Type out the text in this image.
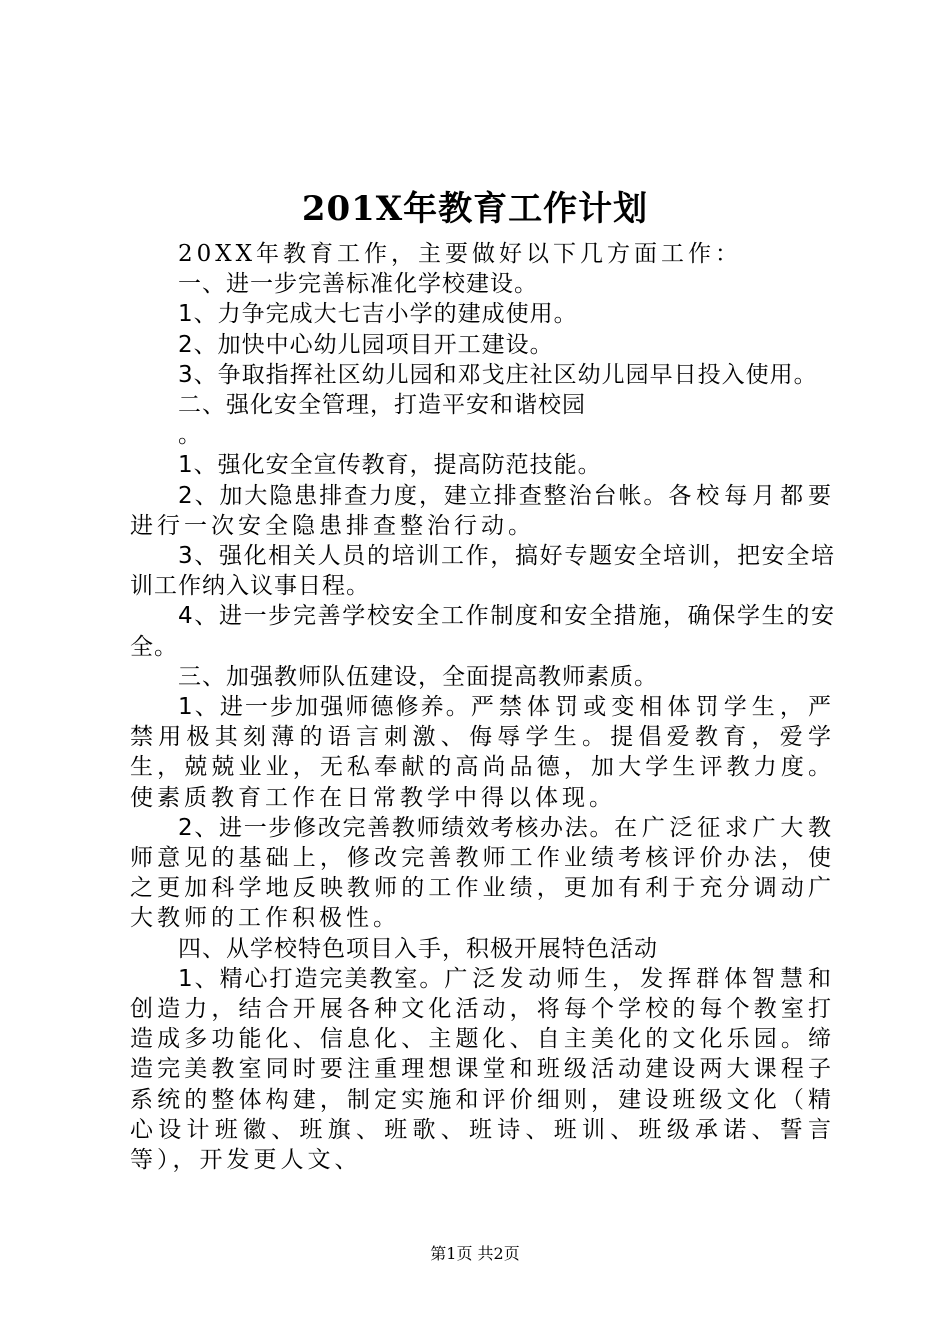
201X年教育工作计划

20XX年教育工作，主要做好以下几方面工作：

一、进一步完善标准化学校建设。

1、力争完成大七吉小学的建成使用。

2、加快中心幼儿园项目开工建设。

3、争取指挥社区幼儿园和邓戈庄社区幼儿园早日投入使用。

二、强化安全管理，打造平安和谐校园

。

1、强化安全宣传教育，提高防范技能。

2、加大隐患排查力度，建立排查整治台帐。各校每月都要进行一次安全隐患排查整治行动。

3、强化相关人员的培训工作，搞好专题安全培训，把安全培训工作纳入议事日程。

4、进一步完善学校安全工作制度和安全措施，确保学生的安全。

三、加强教师队伍建设，全面提高教师素质。

1、进一步加强师德修养。严禁体罚或变相体罚学生，严禁用极其刻薄的语言刺激、侮辱学生。提倡爱教育，爱学生，兢兢业业，无私奉献的高尚品德，加大学生评教力度。使素质教育工作在日常教学中得以体现。

2、进一步修改完善教师绩效考核办法。在广泛征求广大教师意见的基础上，修改完善教师工作业绩考核评价办法，使之更加科学地反映教师的工作业绩，更加有利于充分调动广大教师的工作积极性。

四、从学校特色项目入手，积极开展特色活动

1、精心打造完美教室。广泛发动师生，发挥群体智慧和创造力，结合开展各种文化活动，将每个学校的每个教室打造成多功能化、信息化、主题化、自主美化的文化乐园。缔造完美教室同时要注重理想课堂和班级活动建设两大课程子系统的整体构建，制定实施和评价细则，建设班级文化（精心设计班徽、班旗、班歌、班诗、班训、班级承诺、誓言等），开发更人文、

第1页 共2页
